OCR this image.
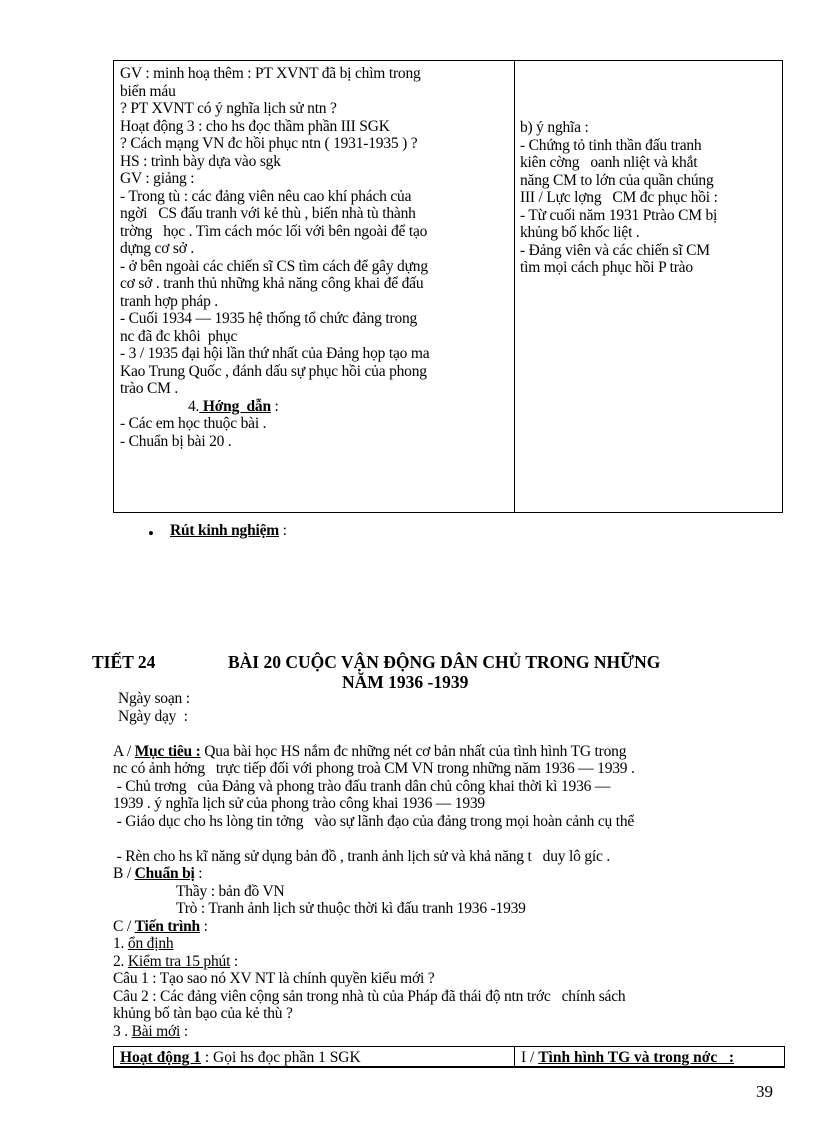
GV : minh hoạ thêm : PT XVNT đã bị chìm trong
biển máu
? PT XVNT có ý nghĩa lịch sử ntn ?
Hoạt động 3 : cho hs đọc thầm phần III SGK
? Cách mạng VN đc hồi phục ntn ( 1931-1935 ) ?
HS : trình bày dựa vào sgk
GV : giảng :
- Trong tù : các đảng viên nêu cao khí phách của
ngời   CS đấu tranh với kẻ thù , biến nhà tù thành
trờng   học . Tìm cách móc lối với bên ngoài để tạo
dựng cơ sở .
- ở bên ngoài các chiến sĩ CS tìm cách để gây dựng
cơ sở . tranh thủ những khả năng công khai để đấu
tranh hợp pháp .
- Cuối 1934 — 1935 hệ thống tổ chức đảng trong
nc đã đc khôi  phục
- 3 / 1935 đại hội lần thứ nhất của Đảng họp tạo ma
Kao Trung Quốc , đánh dấu sự phục hồi của phong
trào CM .
4. Hớng  dẫn :
- Các em học thuộc bài .
- Chuẩn bị bài 20 .
b) ý nghĩa :
- Chứng tỏ tinh thần đấu tranh
kiên cờng   oanh nliệt và khắt
năng CM to lớn của quần chúng
III / Lực lợng   CM đc phục hồi :
- Từ cuối năm 1931 Ptrào CM bị
khủng bố khốc liệt .
- Đảng viên và các chiến sĩ CM
tìm mọi cách phục hồi P trào
• Rút kinh nghiệm :
TIẾT 24	BÀI 20 CUỘC VẬN ĐỘNG DÂN CHỦ TRONG NHỮNG
NĂM 1936 -1939
Ngày soạn :
Ngày dạy  :
A / Mục tiêu : Qua bài học HS nắm đc những nét cơ bản nhất của tình hình TG trong
nc có ảnh hởng   trực tiếp đối với phong troà CM VN trong những năm 1936 — 1939 .
- Chủ trơng   của Đảng và phong trào đấu tranh dân chủ công khai thời kì 1936 —
1939 . ý nghĩa lịch sử của phong trào công khai 1936 — 1939
- Giáo dục cho hs lòng tin tởng   vào sự lãnh đạo của đảng trong mọi hoàn cảnh cụ thể
- Rèn cho hs kĩ năng sử dụng bản đồ , tranh ảnh lịch sử và khả năng t   duy lô gíc .
B / Chuẩn bị :
Thầy : bản đồ VN
Trò : Tranh ảnh lịch sử thuộc thời kì đấu tranh 1936 -1939
C / Tiến trình :
1. ổn định
2. Kiểm tra 15 phút :
Câu 1 : Tạo sao nó XV NT là chính quyền kiểu mới ?
Câu 2 : Các đảng viên cộng sản trong nhà tù của Pháp đã thái độ ntn trớc   chính sách
khủng bố tàn bạo của kẻ thù ?
3 . Bài mới :
Hoạt động 1 : Gọi hs đọc phần 1 SGK	I / Tình hình TG và trong nớc   :
39
